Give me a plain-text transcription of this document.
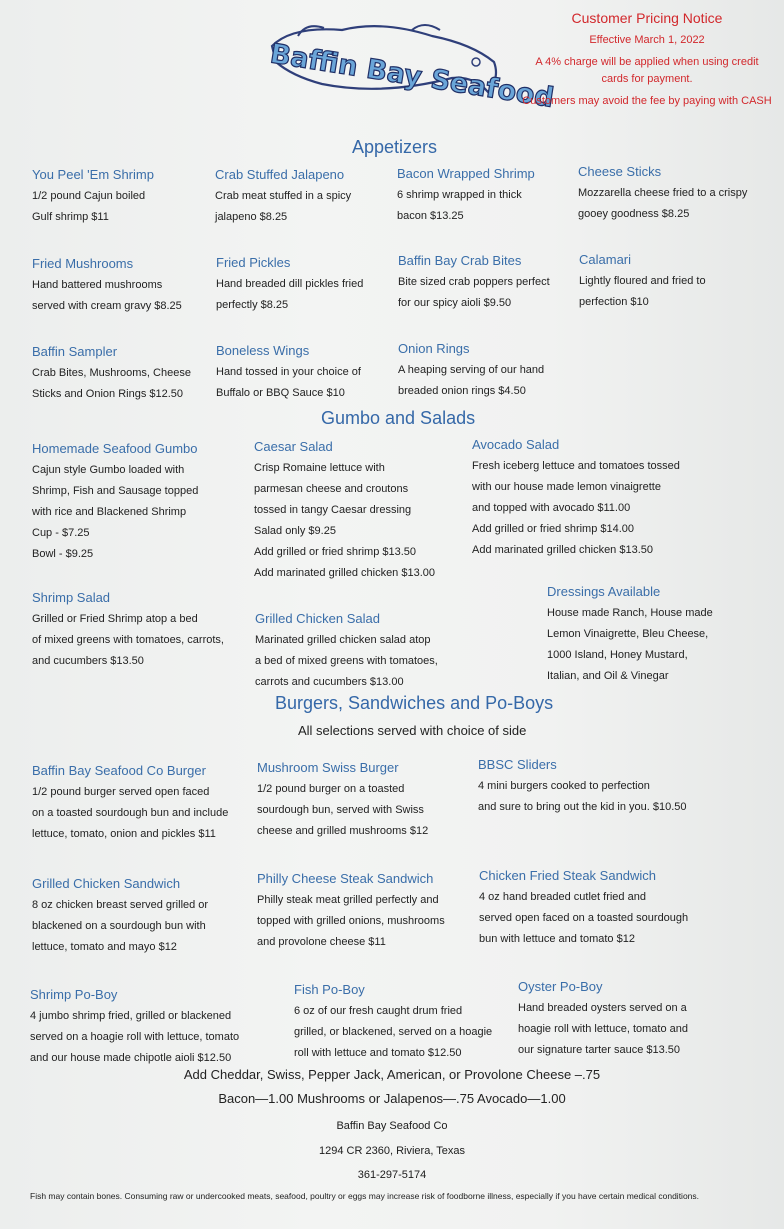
Baffin Bay Seafood
Customer Pricing Notice
Effective March 1, 2022
A 4% charge will be applied when using credit cards for payment.
Customers may avoid the fee by paying with CASH
Appetizers
Gumbo and Salads
Burgers, Sandwiches and Po-Boys
All selections served with choice of side
You Peel 'Em Shrimp
1/2 pound Cajun boiled
Gulf shrimp $11
Crab Stuffed Jalapeno
Crab meat stuffed in a spicy
jalapeno $8.25
Bacon Wrapped Shrimp
6 shrimp wrapped in thick
bacon $13.25
Cheese Sticks
Mozzarella cheese fried to a crispy
gooey goodness $8.25
Fried Mushrooms
Hand battered mushrooms
served with cream gravy $8.25
Fried Pickles
Hand breaded dill pickles fried
perfectly $8.25
Baffin Bay Crab Bites
Bite sized crab poppers perfect
for our spicy aioli $9.50
Calamari
Lightly floured and fried to
perfection $10
Baffin Sampler
Crab Bites, Mushrooms, Cheese
Sticks and Onion Rings $12.50
Boneless Wings
Hand tossed in your choice of
Buffalo or BBQ Sauce $10
Onion Rings
A heaping serving of our hand
breaded onion rings $4.50
Homemade Seafood Gumbo
Cajun style Gumbo loaded with
Shrimp, Fish and Sausage topped
with rice and Blackened Shrimp
Cup - $7.25
Bowl - $9.25
Caesar Salad
Crisp Romaine lettuce with
parmesan cheese and croutons
tossed in tangy Caesar dressing
Salad only $9.25
Add grilled or fried shrimp $13.50
Add marinated grilled chicken $13.00
Avocado Salad
Fresh iceberg lettuce and tomatoes tossed
with our house made lemon vinaigrette
and topped with avocado $11.00
Add grilled or fried shrimp $14.00
Add marinated grilled chicken $13.50
Shrimp Salad
Grilled or Fried Shrimp atop a bed
of mixed greens with tomatoes, carrots,
and cucumbers $13.50
Grilled Chicken Salad
Marinated grilled chicken salad atop
a bed of mixed greens with tomatoes,
carrots and cucumbers $13.00
Dressings Available
House made Ranch, House made
Lemon Vinaigrette, Bleu Cheese,
1000 Island, Honey Mustard,
Italian, and Oil & Vinegar
Baffin Bay Seafood Co Burger
1/2 pound burger served open faced
on a toasted sourdough bun and include
lettuce, tomato, onion and pickles $11
Mushroom Swiss Burger
1/2 pound burger on a toasted
sourdough bun, served with Swiss
cheese and grilled mushrooms $12
BBSC Sliders
4 mini burgers cooked to perfection
and sure to bring out the kid in you. $10.50
Grilled Chicken Sandwich
8 oz chicken breast served grilled or
blackened on a sourdough bun with
lettuce, tomato and mayo $12
Philly Cheese Steak Sandwich
Philly steak meat grilled perfectly and
topped with grilled onions, mushrooms
and provolone cheese $11
Chicken Fried Steak Sandwich
4 oz hand breaded cutlet fried and
served open faced on a toasted sourdough
bun with lettuce and tomato $12
Shrimp Po-Boy
4 jumbo shrimp fried, grilled or blackened
served on a hoagie roll with lettuce, tomato
and our house made chipotle aioli $12.50
Fish Po-Boy
6 oz of our fresh caught drum fried
grilled, or blackened, served on a hoagie
roll with lettuce and tomato $12.50
Oyster Po-Boy
Hand breaded oysters served on a
hoagie roll with lettuce, tomato and
our signature tarter sauce $13.50
Add Cheddar, Swiss, Pepper Jack, American, or Provolone Cheese –.75
Bacon—1.00 Mushrooms or Jalapenos—.75 Avocado—1.00
Baffin Bay Seafood Co
1294 CR 2360, Riviera, Texas
361-297-5174
Fish may contain bones. Consuming raw or undercooked meats, seafood, poultry or eggs may increase risk of foodborne illness, especially if you have certain medical conditions.
